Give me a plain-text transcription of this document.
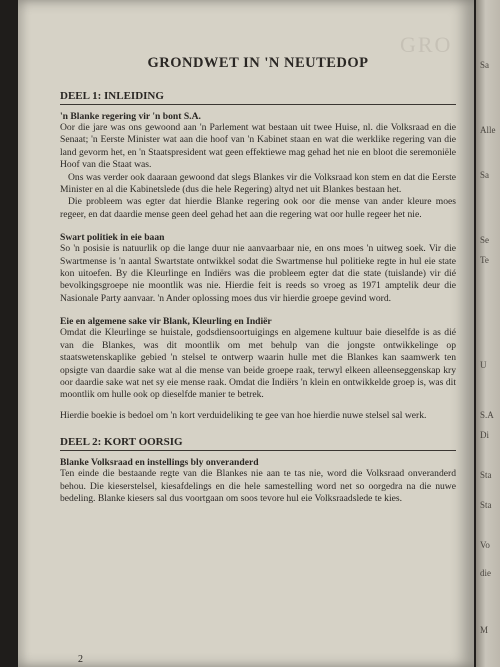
GRO
GRONDWET IN 'N NEUTEDOP
DEEL 1: INLEIDING
'n Blanke regering vir 'n bont S.A.

Oor die jare was ons gewoond aan 'n Parlement wat bestaan uit twee Huise, nl. die Volksraad en die Senaat; 'n Eerste Minister wat aan die hoof van 'n Kabinet staan en wat die werklike regering van die land gevorm het, en 'n Staatspresident wat geen effektiewe mag gehad het nie en bloot die seremoniële Hoof van die Staat was.

Ons was verder ook daaraan gewoond dat slegs Blankes vir die Volksraad kon stem en dat die Eerste Minister en al die Kabinetslede (dus die hele Regering) altyd net uit Blankes bestaan het.

Die probleem was egter dat hierdie Blanke regering ook oor die mense van ander kleure moes regeer, en dat daardie mense geen deel gehad het aan die regering wat oor hulle regeer het nie.

Swart politiek in eie baan

So 'n posisie is natuurlik op die lange duur nie aanvaarbaar nie, en ons moes 'n uitweg soek. Vir die Swartmense is 'n aantal Swartstate ontwikkel sodat die Swartmense hul politieke regte in hul eie state kon uitoefen. By die Kleurlinge en Indiërs was die probleem egter dat die state (tuislande) vir dié bevolkingsgroepe nie moontlik was nie. Hierdie feit is reeds so vroeg as 1971 amptelik deur die Nasionale Party aanvaar. 'n Ander oplossing moes dus vir hierdie groepe gevind word.

Eie en algemene sake vir Blank, Kleurling en Indiër

Omdat die Kleurlinge se huistale, godsdiensoortuigings en algemene kultuur baie dieselfde is as dié van die Blankes, was dit moontlik om met behulp van die jongste ontwikkelinge op staatswetenskaplike gebied 'n stelsel te ontwerp waarin hulle met die Blankes kan saamwerk ten opsigte van daardie sake wat al die mense van beide groepe raak, terwyl elkeen alleenseggenskap kry oor daardie sake wat net sy eie mense raak. Omdat die Indiërs 'n klein en ontwikkelde groep is, was dit moontlik om hulle ook op dieselfde manier te betrek.

Hierdie boekie is bedoel om 'n kort verduideliking te gee van hoe hierdie nuwe stelsel sal werk.

DEEL 2: KORT OORSIG
Blanke Volksraad en instellings bly onveranderd

Ten einde die bestaande regte van die Blankes nie aan te tas nie, word die Volksraad onveranderd behou. Die kieserstelsel, kiesafdelings en die hele samestelling word net so oorgedra na die nuwe bedeling. Blanke kiesers sal dus voortgaan om soos tevore hul eie Volksraadslede te kies.

2
Sa
Alle
Sa
Se
Te
U
S.A
Di
Sta
Sta
Vo
die
M
